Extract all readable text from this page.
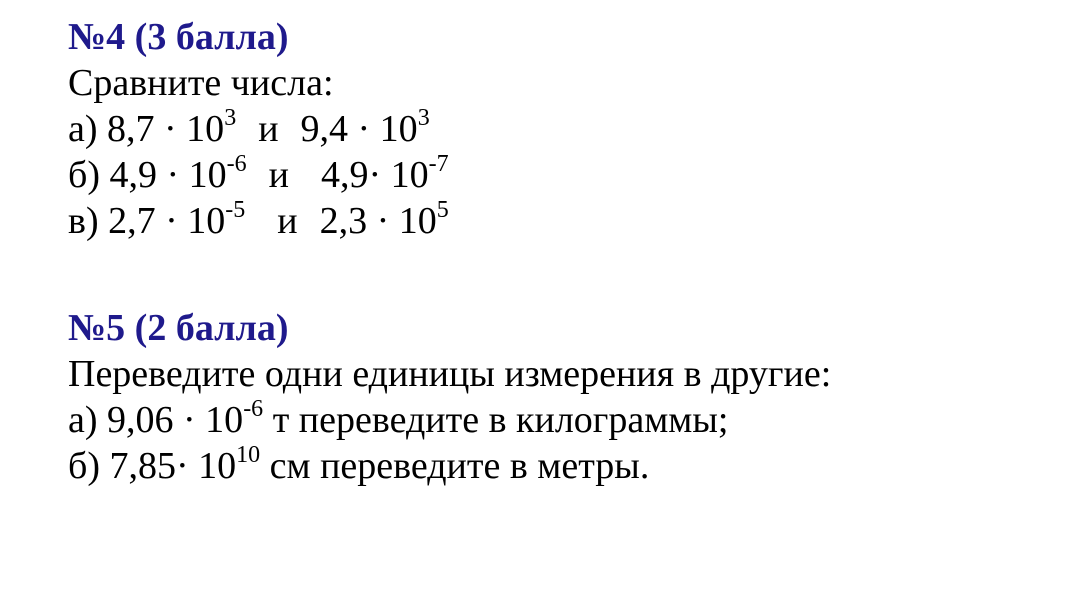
№4 (3 балла)
Сравните числа:
а) $8,7 \cdot 10^3$ и $9,4 \cdot 10^3$
б) $4,9 \cdot 10^{-6}$ и $4,9\cdot 10^{-7}$
в) $2,7 \cdot 10^{-5}$ и $2,3 \cdot 10^5$
№5 (2 балла)
Переведите одни единицы измерения в другие:
а) $9,06 \cdot 10^{-6}$ т переведите в килограммы;
б) $7,85\cdot 10^{10}$ см переведите в метры.
